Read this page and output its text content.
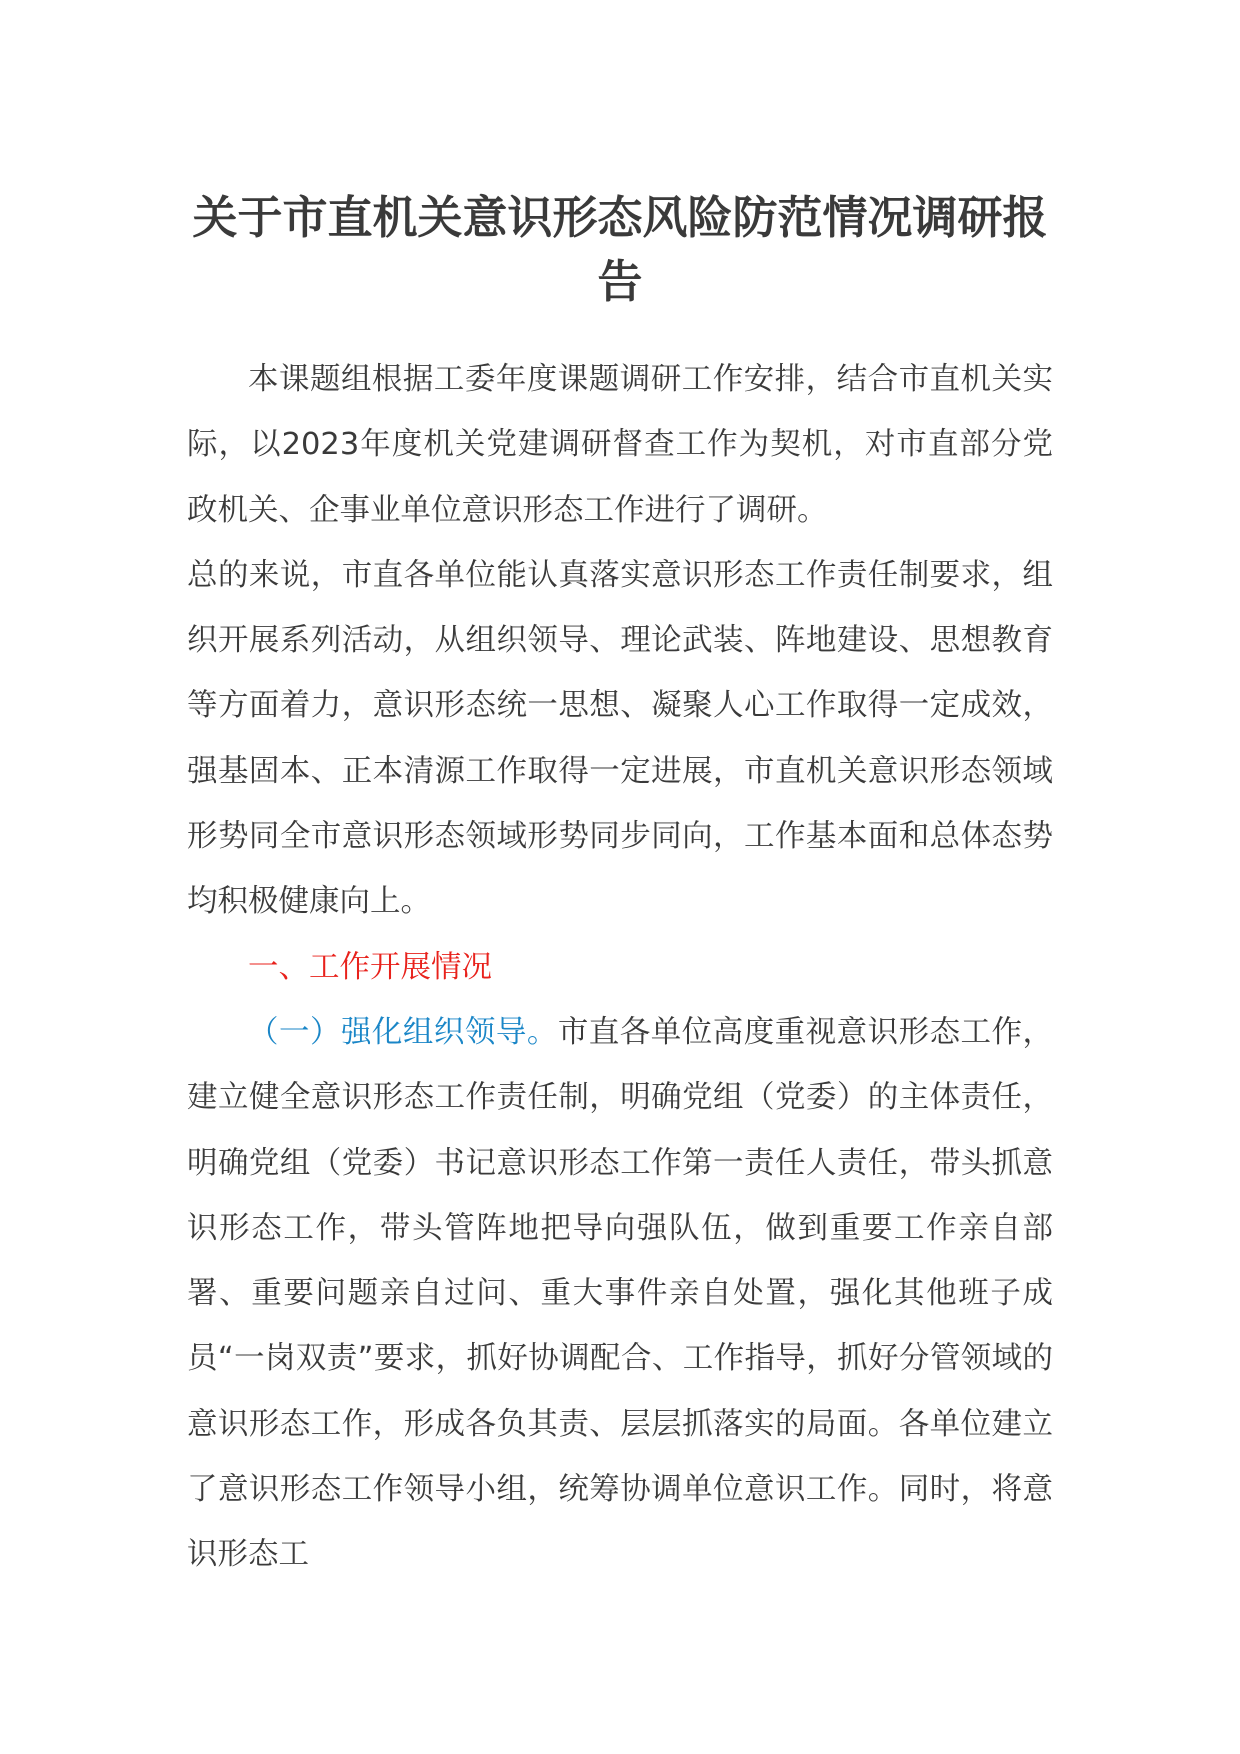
关于市直机关意识形态风险防范情况调研报告

本课题组根据工委年度课题调研工作安排，结合市直机关实际，以2023年度机关党建调研督查工作为契机，对市直部分党政机关、企事业单位意识形态工作进行了调研。

总的来说，市直各单位能认真落实意识形态工作责任制要求，组织开展系列活动，从组织领导、理论武装、阵地建设、思想教育等方面着力，意识形态统一思想、凝聚人心工作取得一定成效，强基固本、正本清源工作取得一定进展，市直机关意识形态领域形势同全市意识形态领域形势同步同向，工作基本面和总体态势均积极健康向上。

一、工作开展情况

（一）强化组织领导。市直各单位高度重视意识形态工作，建立健全意识形态工作责任制，明确党组（党委）的主体责任，明确党组（党委）书记意识形态工作第一责任人责任，带头抓意识形态工作，带头管阵地把导向强队伍，做到重要工作亲自部署、重要问题亲自过问、重大事件亲自处置，强化其他班子成员“一岗双责”要求，抓好协调配合、工作指导，抓好分管领域的意识形态工作，形成各负其责、层层抓落实的局面。各单位建立了意识形态工作领导小组，统筹协调单位意识工作。同时，将意识形态工
